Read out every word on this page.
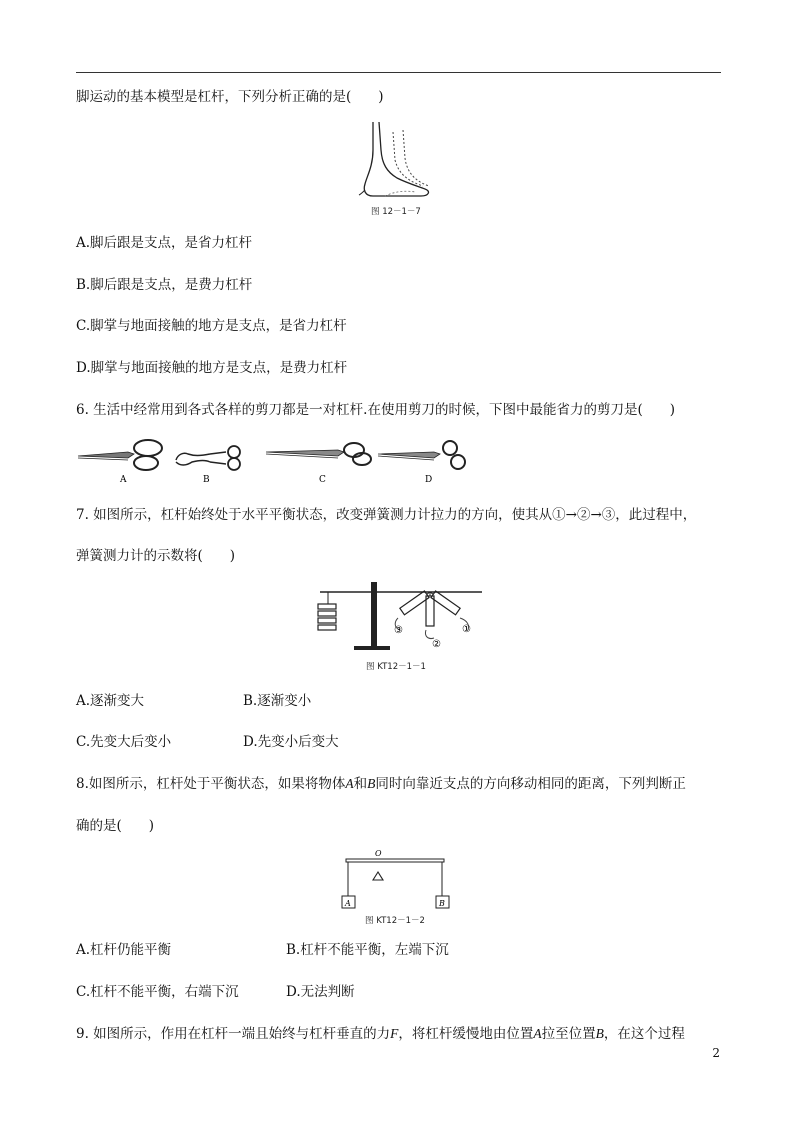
脚运动的基本模型是杠杆，下列分析正确的是(　　)
图 12－1－7
A.脚后跟是支点，是省力杠杆
B.脚后跟是支点，是费力杠杆
C.脚掌与地面接触的地方是支点，是省力杠杆
D.脚掌与地面接触的地方是支点，是费力杠杆
6. 生活中经常用到各式各样的剪刀都是一对杠杆.在使用剪刀的时候，下图中最能省力的剪刀是(　　)
A	B	C	D
7. 如图所示，杠杆始终处于水平平衡状态，改变弹簧测力计拉力的方向，使其从①→②→③，此过程中，
弹簧测力计的示数将(　　)
③
②
①
图 KT12－1－1
A.逐渐变大	B.逐渐变小
C.先变大后变小	D.先变小后变大
8.如图所示，杠杆处于平衡状态，如果将物体A和B同时向靠近支点的方向移动相同的距离，下列判断正
确的是(　　)
O
A	B
图 KT12－1－2
A.杠杆仍能平衡	B.杠杆不能平衡，左端下沉
C.杠杆不能平衡，右端下沉	D.无法判断
9. 如图所示，作用在杠杆一端且始终与杠杆垂直的力F，将杠杆缓慢地由位置A拉至位置B，在这个过程
2
